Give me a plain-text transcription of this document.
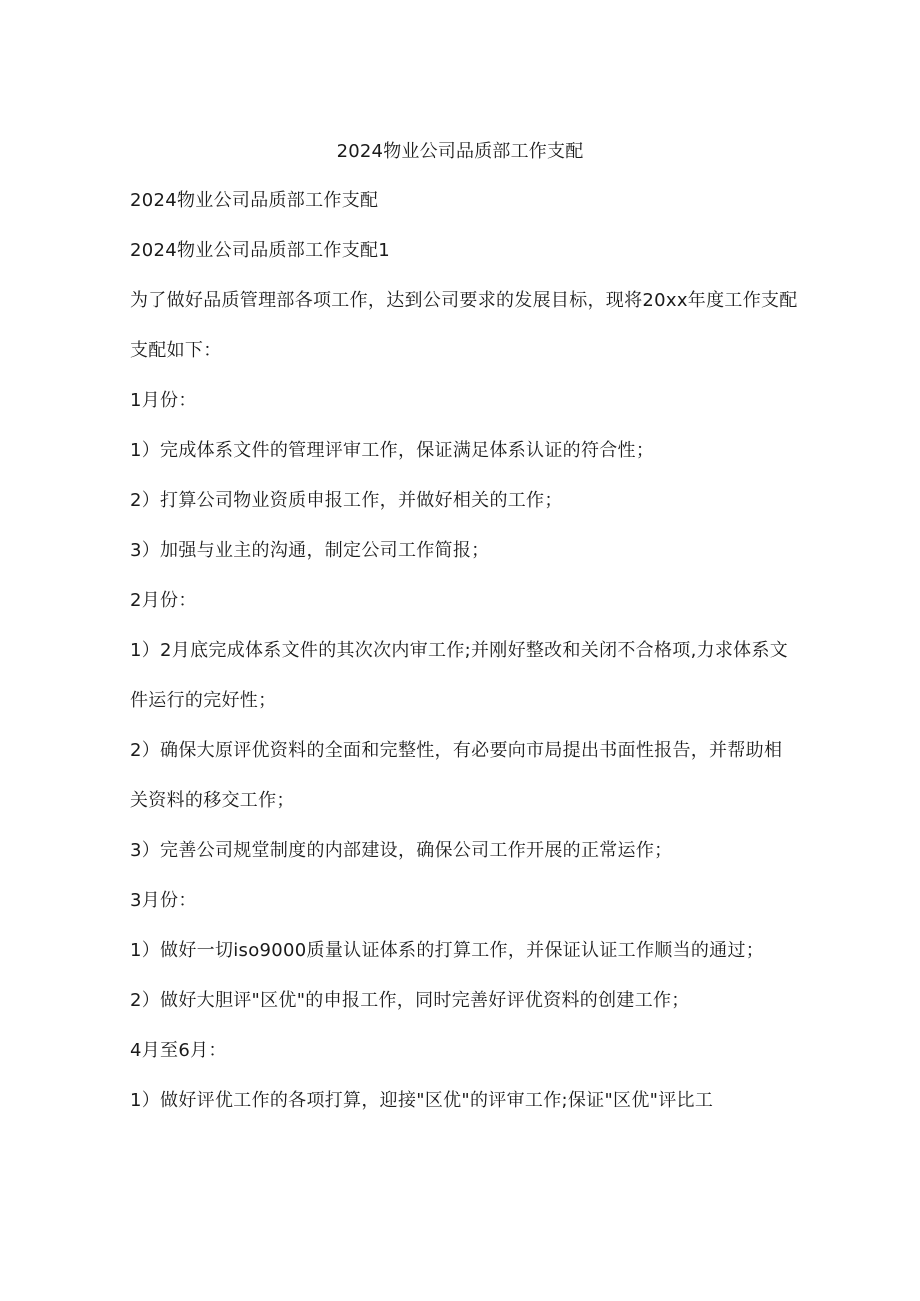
2024物业公司品质部工作支配

2024物业公司品质部工作支配

2024物业公司品质部工作支配1

为了做好品质管理部各项工作，达到公司要求的发展目标，现将20xx年度工作支配支配如下：

1月份：

1）完成体系文件的管理评审工作，保证满足体系认证的符合性；

2）打算公司物业资质申报工作，并做好相关的工作；

3）加强与业主的沟通，制定公司工作简报；

2月份：

1）2月底完成体系文件的其次次内审工作;并刚好整改和关闭不合格项,力求体系文件运行的完好性；

2）确保大原评优资料的全面和完整性，有必要向市局提出书面性报告，并帮助相关资料的移交工作；

3）完善公司规堂制度的内部建设，确保公司工作开展的正常运作；

3月份：

1）做好一切iso9000质量认证体系的打算工作，并保证认证工作顺当的通过；

2）做好大胆评"区优"的申报工作，同时完善好评优资料的创建工作；

4月至6月：

1）做好评优工作的各项打算，迎接"区优"的评审工作;保证"区优"评比工
